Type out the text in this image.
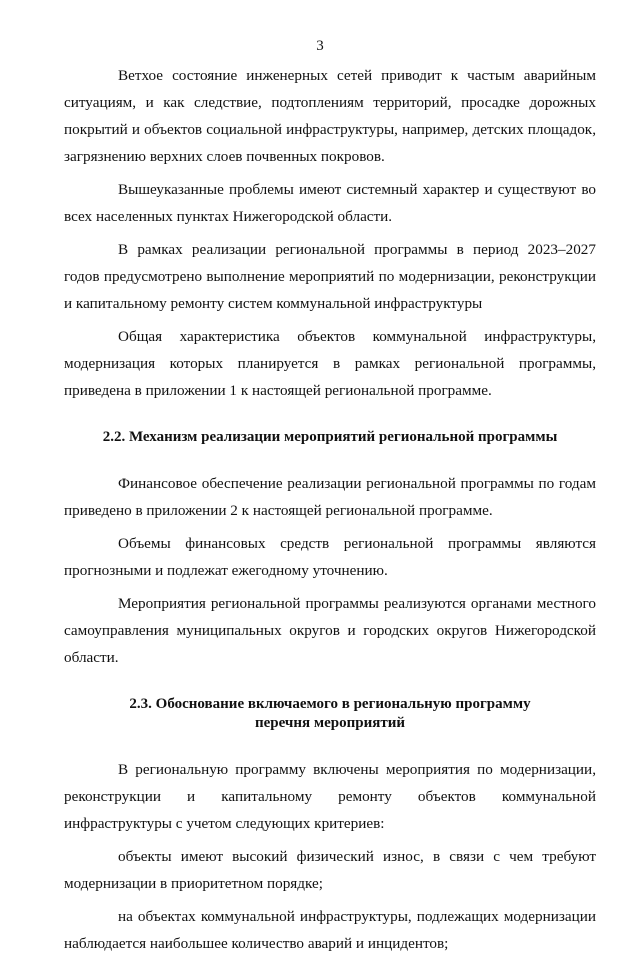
3

Ветхое состояние инженерных сетей приводит к частым аварийным ситуациям, и как следствие, подтоплениям территорий, просадке дорожных покрытий и объектов социальной инфраструктуры, например, детских площадок, загрязнению верхних слоев почвенных покровов.

Вышеуказанные проблемы имеют системный характер и существуют во всех населенных пунктах Нижегородской области.

В рамках реализации региональной программы в период 2023–2027 годов предусмотрено выполнение мероприятий по модернизации, реконструкции и капитальному ремонту систем коммунальной инфраструктуры

Общая характеристика объектов коммунальной инфраструктуры, модернизация которых планируется в рамках региональной программы, приведена в приложении 1 к настоящей региональной программе.

2.2. Механизм реализации мероприятий региональной программы

Финансовое обеспечение реализации региональной программы по годам приведено в приложении 2 к настоящей региональной программе.

Объемы финансовых средств региональной программы являются прогнозными и подлежат ежегодному уточнению.

Мероприятия региональной программы реализуются органами местного самоуправления муниципальных округов и городских округов Нижегородской области.

2.3. Обоснование включаемого в региональную программу

перечня мероприятий

В региональную программу включены мероприятия по модернизации, реконструкции и капитальному ремонту объектов коммунальной инфраструктуры с учетом следующих критериев:

объекты имеют высокий физический износ, в связи с чем требуют модернизации в приоритетном порядке;

на объектах коммунальной инфраструктуры, подлежащих модернизации наблюдается наибольшее количество аварий и инцидентов;
